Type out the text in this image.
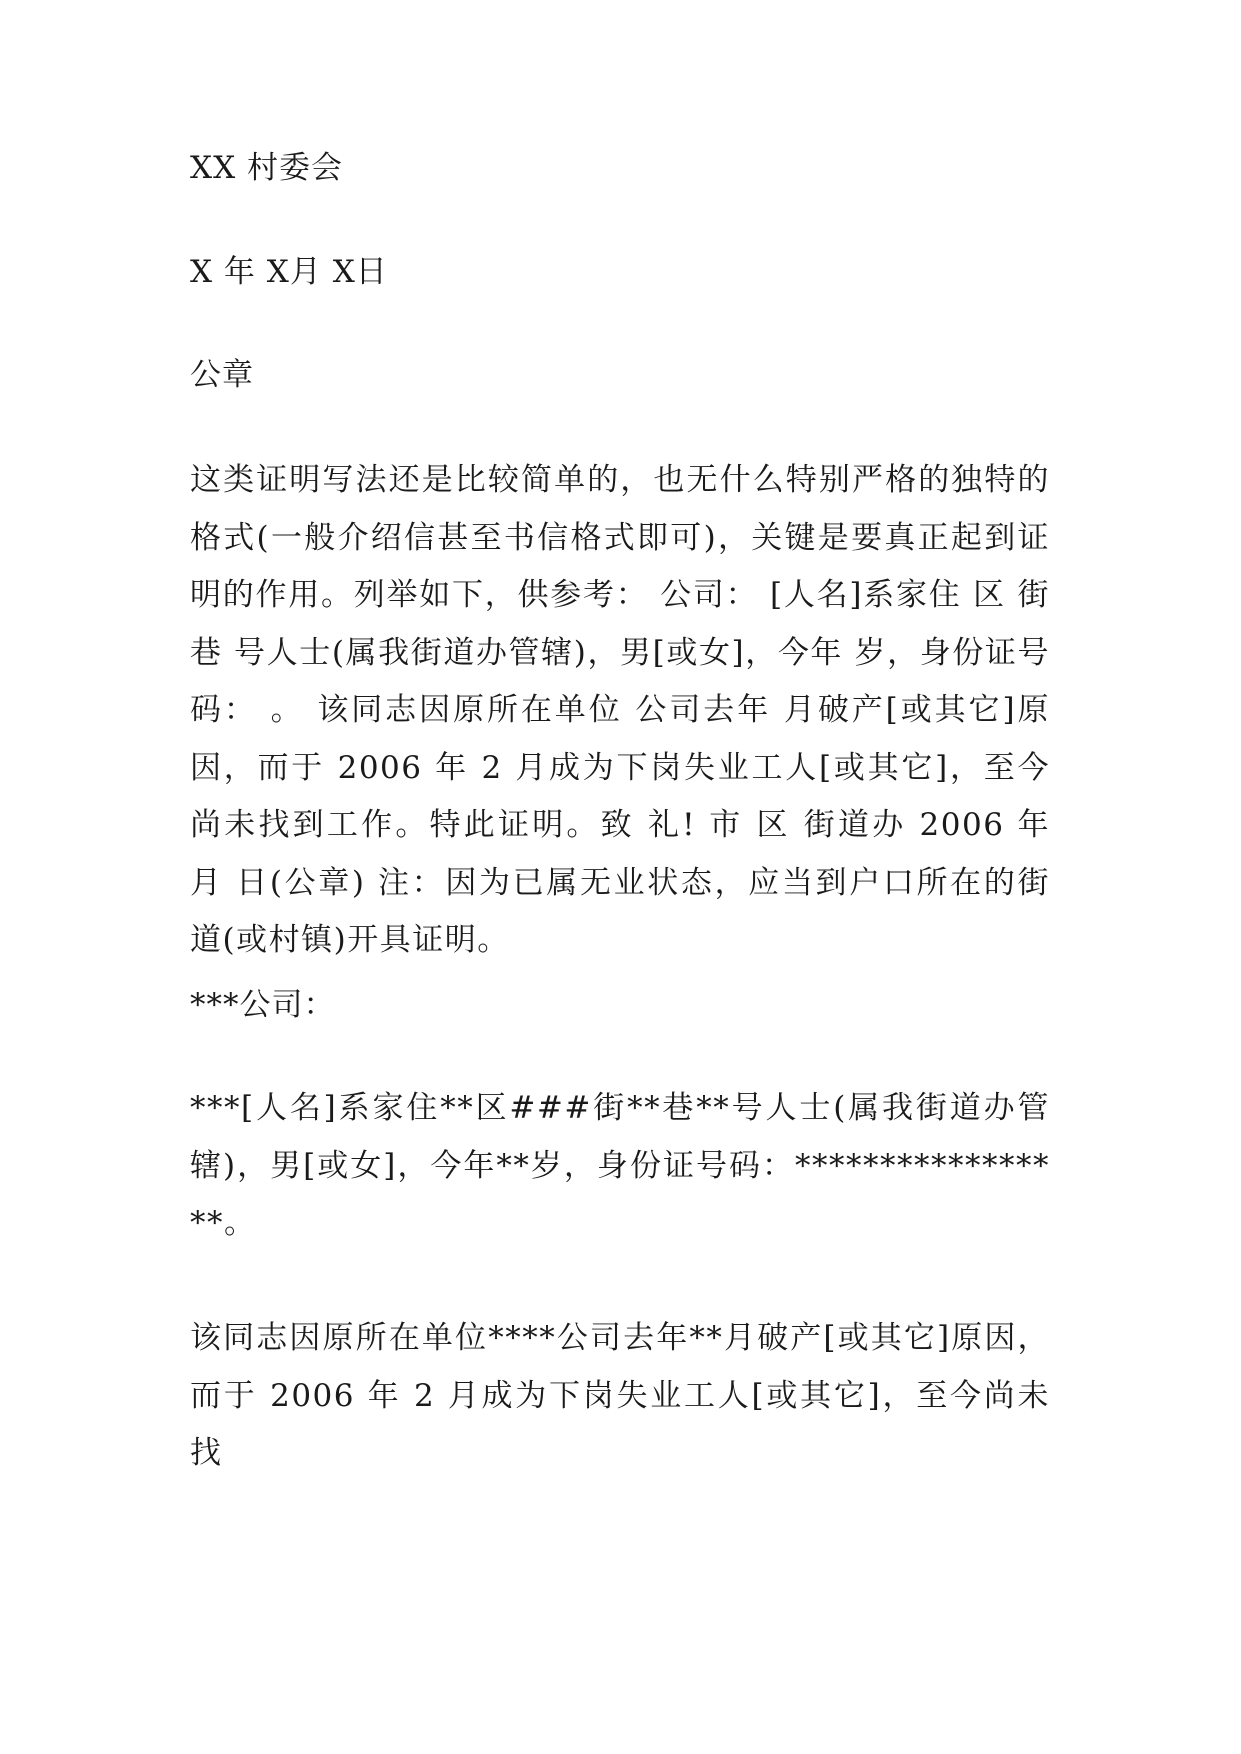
XX 村委会
X 年 X月 X日
公章
这类证明写法还是比较简单的，也无什么特别严格的独特的格式(一般介绍信甚至书信格式即可)，关键是要真正起到证明的作用。列举如下，供参考： 公司： [人名]系家住 区 街 巷 号人士(属我街道办管辖)，男[或女]，今年 岁，身份证号码： 。 该同志因原所在单位 公司去年 月破产[或其它]原因，而于 2006 年 2 月成为下岗失业工人[或其它]，至今尚未找到工作。特此证明。致 礼! 市 区 街道办 2006 年 月 日(公章) 注：因为已属无业状态，应当到户口所在的街道(或村镇)开具证明。
***公司：
***[人名]系家住**区###街**巷**号人士(属我街道办管辖)，男[或女]，今年**岁，身份证号码：*****************。
该同志因原所在单位****公司去年**月破产[或其它]原因，而于 2006 年 2 月成为下岗失业工人[或其它]，至今尚未找
